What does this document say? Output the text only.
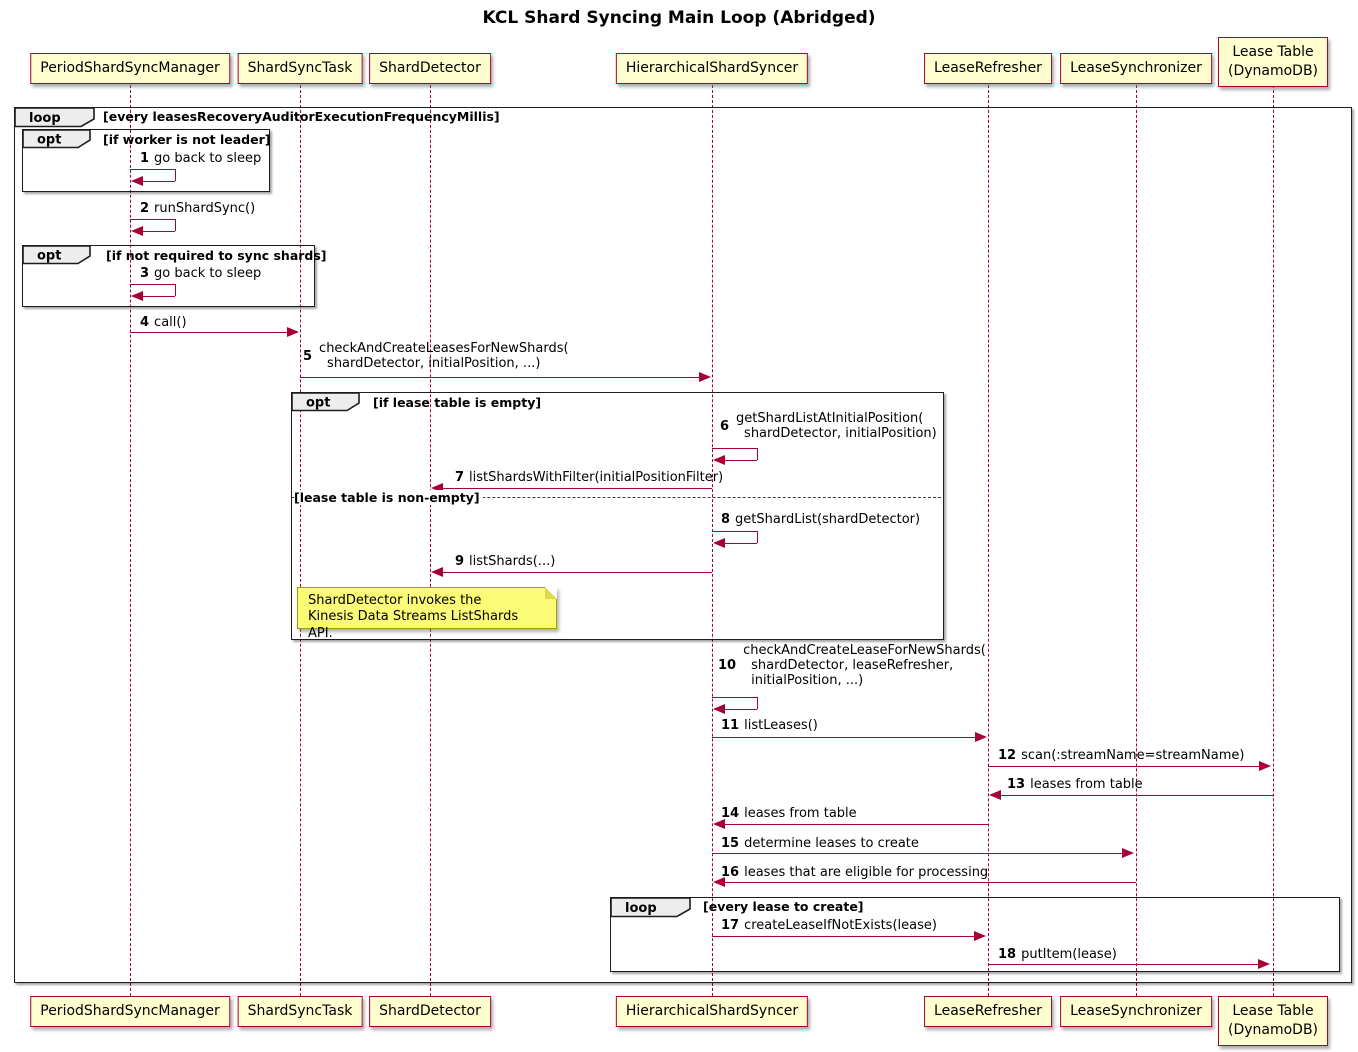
KCL Shard Syncing Main Loop (Abridged)
PeriodShardSyncManager	ShardSyncTask	ShardDetector	HierarchicalShardSyncer	LeaseRefresher	LeaseSynchronizer
Lease Table
(DynamoDB)
loop	[every leasesRecoveryAuditorExecutionFrequencyMillis]
opt	[if worker is not leader]
1 go back to sleep
2 runShardSync()
opt	[if not required to sync shards]
3 go back to sleep
4 call()
5 checkAndCreateLeasesForNewShards(
shardDetector, initialPosition, ...)
opt	[if lease table is empty]
6 getShardListAtInitialPosition(
shardDetector, initialPosition)
7 listShardsWithFilter(initialPositionFilter)
[lease table is non-empty]
8 getShardList(shardDetector)
9 listShards(...)
ShardDetector invokes the
Kinesis Data Streams ListShards API.
10
checkAndCreateLeaseForNewShards(
shardDetector, leaseRefresher,
initialPosition, ...)
11 listLeases()
12 scan(:streamName=streamName)
13 leases from table
14 leases from table
15 determine leases to create
16 leases that are eligible for processing
loop	[every lease to create]
17 createLeaseIfNotExists(lease)
18 putItem(lease)
PeriodShardSyncManager	ShardSyncTask	ShardDetector	HierarchicalShardSyncer	LeaseRefresher	LeaseSynchronizer	Lease Table
(DynamoDB)
